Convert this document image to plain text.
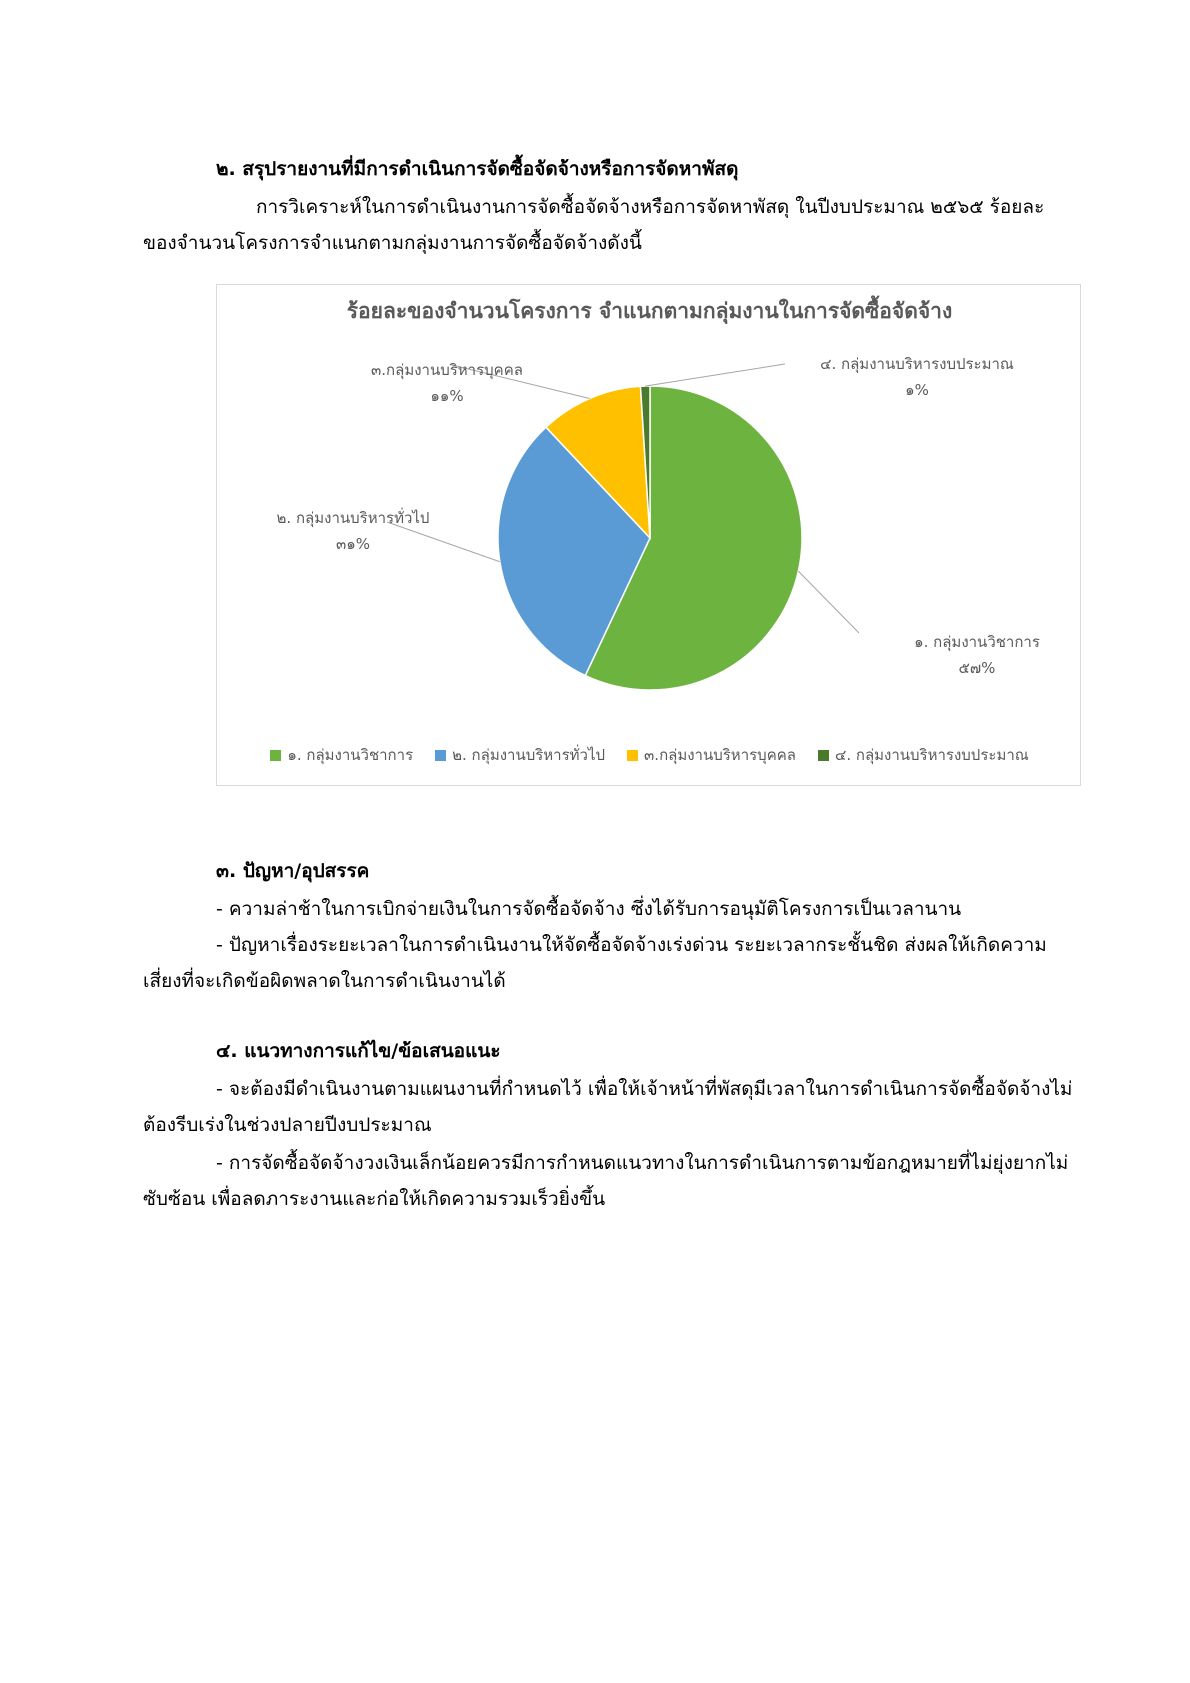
๒. สรุปรายงานที่มีการดำเนินการจัดซื้อจัดจ้างหรือการจัดหาพัสดุ
การวิเคราะห์ในการดำเนินงานการจัดซื้อจัดจ้างหรือการจัดหาพัสดุ ในปีงบประมาณ ๒๕๖๕ ร้อยละ
ของจำนวนโครงการจำแนกตามกลุ่มงานการจัดซื้อจัดจ้างดังนี้
ร้อยละของจำนวนโครงการ จำแนกตามกลุ่มงานในการจัดซื้อจัดจ้าง
๓.กลุ่มงานบริหารบุคคล
๑๑%
๔. กลุ่มงานบริหารงบประมาณ
๑%
๒. กลุ่มงานบริหารทั่วไป
๓๑%
๑. กลุ่มงานวิชาการ
๕๗%
๑. กลุ่มงานวิชาการ	๒. กลุ่มงานบริหารทั่วไป	๓.กลุ่มงานบริหารบุคคล	๔. กลุ่มงานบริหารงบประมาณ
๓. ปัญหา/อุปสรรค
- ความล่าช้าในการเบิกจ่ายเงินในการจัดซื้อจัดจ้าง ซึ่งได้รับการอนุมัติโครงการเป็นเวลานาน
- ปัญหาเรื่องระยะเวลาในการดำเนินงานให้จัดซื้อจัดจ้างเร่งด่วน ระยะเวลากระชั้นชิด ส่งผลให้เกิดความ
เสี่ยงที่จะเกิดข้อผิดพลาดในการดำเนินงานได้
๔. แนวทางการแก้ไข/ข้อเสนอแนะ
- จะต้องมีดำเนินงานตามแผนงานที่กำหนดไว้ เพื่อให้เจ้าหน้าที่พัสดุมีเวลาในการดำเนินการจัดซื้อจัดจ้างไม่
ต้องรีบเร่งในช่วงปลายปีงบประมาณ
- การจัดซื้อจัดจ้างวงเงินเล็กน้อยควรมีการกำหนดแนวทางในการดำเนินการตามข้อกฎหมายที่ไม่ยุ่งยากไม่
ซับซ้อน เพื่อลดภาระงานและก่อให้เกิดความรวมเร็วยิ่งขึ้น
